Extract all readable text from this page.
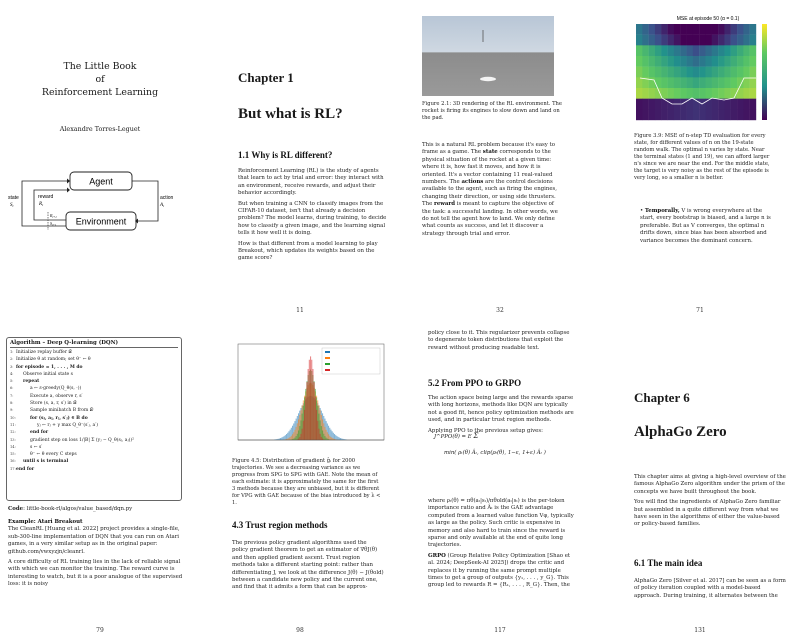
The Little Book
of
Reinforcement Learning
Alexandre Torres-Leguet
Agent
Environment
action
$A_t$
state
$S_t$
reward
$R_t$
$R_{t+1}$
$S_{t+1}$
Chapter 1
But what is RL?
1.1 Why is RL different?

Reinforcement Learning (RL) is the study of agents that learn to act by trial and error: they interact with an environment, receive rewards, and adjust their behavior accordingly.

But when training a CNN to classify images from the CIFAR-10 dataset, isn't that already a decision problem? The model learns, during training, to decide how to classify a given image, and the learning signal tells it how well it is doing.

How is that different from a model learning to play Breakout, which updates its weights based on the game score?

11
Figure 2.1: 3D rendering of the RL environment. The rocket is firing its engines to slow down and land on the pad.
This is a natural RL problem because it's easy to frame as a game. The state corresponds to the physical situation of the rocket at a given time: where it is, how fast it moves, and how it is oriented. It's a vector containing 11 real-valued numbers. The actions are the control decisions available to the agent, such as firing the engines, changing their direction, or using side thrusters. The reward is meant to capture the objective of the task: a successful landing. In other words, we do not tell the agent how to land. We only define what counts as success, and let it discover a strategy through trial and error.
32
MSE at episode 50 (α = 0.1)
Figure 3.9: MSE of n-step TD evaluation for every state, for different values of n on the 19-state random walk. The optimal n varies by state. Near the terminal states (1 and 19), we can afford larger n's since we are near the end. For the middle state, the target is very noisy as the rest of the episode is very long, so a smaller n is better.
• Temporally, V is wrong everywhere at the start, every bootstrap is biased, and a large n is preferable. But as V converges, the optimal n drifts down, since bias has been absorbed and variance becomes the dominant concern.
71
Algorithm – Deep Q-learning (DQN)
1: Initialize replay buffer 𝒟
2: Initialize θ at random; set θ⁻ ← θ
3: for episode = 1, . . . , M do
4: Observe initial state s
5: repeat
6:	a ← ε-greedy(Q_θ(s, ·))
7:	Execute a, observe r, s′
8:	Store (s, a, r, s′) in 𝒟
9:	Sample minibatch B from 𝒟
10:	for (sⱼ, aⱼ, rⱼ, s′ⱼ) ∈ B do
11:	yⱼ ← rⱼ + γ max Q_θ⁻(s′ⱼ, a′)
12:	end for
13:	gradient step on loss 1/|B| Σ (yⱼ − Q_θ(sⱼ, aⱼ))²
14:	s ← s′
15:	θ⁻ ← θ every C steps
16: until s is terminal
17:end for
Code: little-book-rl/algos/value_based/dqn.py
Example: Atari Breakout

The CleanRL [Huang et al. 2022] project provides a single-file, sub-300-line implementation of DQN that you can run on Atari games, in a very similar setup as in the original paper: github.com/vwxyzjn/cleanrl.

A core difficulty of RL training lies in the lack of reliable signal with which we can monitor the training. The reward curve is interesting to watch, but it is a poor analogue of the supervised loss: it is noisy

79
Figure 4.5: Distribution of gradient ĝᵢ for 2000 trajectories. We see a decreasing variance as we progress from SPG to SPG with GAE. Note the mean of each estimate: it is approximately the same for the first 3 methods because they are unbiased, but it is different for VPG with GAE because of the bias introduced by λ < 1.
4.3 Trust region methods
The previous policy gradient algorithms used the policy gradient theorem to get an estimator of ∇θJ(θ) and then applied gradient ascent. Trust region methods take a different starting point: rather than differentiating J, we look at the difference J(θ) − J(θold) between a candidate new policy and the current one, and find that it admits a form that can be approx-
98
policy close to it. This regularizer prevents collapse to degenerate token distributions that exploit the reward without producing readable text.
5.2 From PPO to GRPO

The action space being large and the rewards sparse with long horizons, methods like DQN are typically not a good fit, hence policy optimization methods are used, and in particular trust region methods.

Applying PPO to the previous setup gives:

J^PPO(θ) = E Σ
min( ρₜ(θ) Âₜ, clip(ρₜ(θ), 1−ε, 1+ε) Âₜ )

where ρₜ(θ) = πθ(aₜ|sₜ)/πθold(aₜ|sₜ) is the per-token importance ratio and Âₜ is the GAE advantage computed from a learned value function Vφ, typically as large as the policy. Such critic is expensive in memory and also hard to train since the reward is sparse and only available at the end of quite long trajectories.

GRPO (Group Relative Policy Optimization [Shao et al. 2024; DeepSeek-AI 2025]) drops the critic and replaces it by running the same prompt multiple times to get a group of outputs {y₁, . . . , y_G}. This group led to rewards R = {R₁, . . . , R_G}. Then, the

117
Chapter 6
AlphaGo Zero

This chapter aims at giving a high-level overview of the famous AlphaGo Zero algorithm under the prism of the concepts we have built throughout the book.

You will find the ingredients of AlphaGo Zero familiar but assembled in a quite different way from what we have seen in the algorithms of either the value-based or policy-based families.

6.1 The main idea
AlphaGo Zero [Silver et al. 2017] can be seen as a form of policy iteration coupled with a model-based approach. During training, it alternates between the
131
